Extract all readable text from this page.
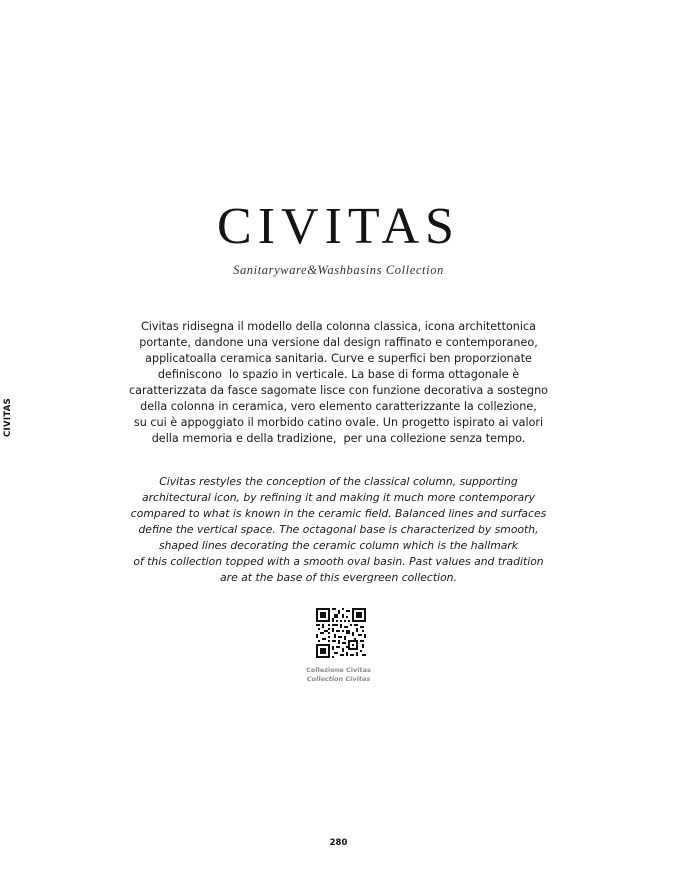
CIVITAS
CIVITAS
Sanitaryware&Washbasins Collection
Civitas ridisegna il modello della colonna classica, icona architettonica
portante, dandone una versione dal design raffinato e contemporaneo,
applicatoalla ceramica sanitaria. Curve e superfici ben proporzionate
definiscono  lo spazio in verticale. La base di forma ottagonale è
caratterizzata da fasce sagomate lisce con funzione decorativa a sostegno
della colonna in ceramica, vero elemento caratterizzante la collezione,
su cui è appoggiato il morbido catino ovale. Un progetto ispirato ai valori
della memoria e della tradizione,  per una collezione senza tempo.
Civitas restyles the conception of the classical column, supporting
architectural icon, by refining it and making it much more contemporary
compared to what is known in the ceramic field. Balanced lines and surfaces
define the vertical space. The octagonal base is characterized by smooth,
shaped lines decorating the ceramic column which is the hallmark
of this collection topped with a smooth oval basin. Past values and tradition
are at the base of this evergreen collection.
Collezione Civitas
Collection Civitas
280
